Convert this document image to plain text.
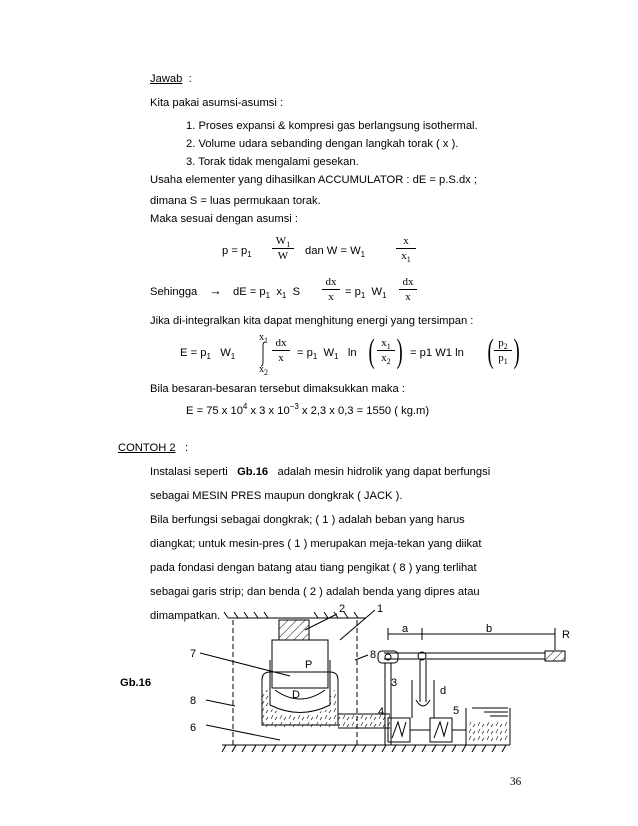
Jawab :
Kita pakai asumsi-asumsi :
1. Proses expansi & kompresi gas berlangsung isothermal.
2. Volume udara sebanding dengan langkah torak ( x ).
3. Torak tidak mengalami gesekan.
Usaha elementer yang dihasilkan ACCUMULATOR : dE = p.S.dx ;
dimana S = luas permukaan torak.
Maka sesuai dengan asumsi :
$p = p_1 \frac{W_1}{W}$ dan $W = W_1$	$\frac{x}{x_1}$
Sehingga → dE = $p_1$ $x_1$ S $\frac{dx}{x} = p_1$ $W_1 \frac{dx}{x}$
Jika di-integralkan kita dapat menghitung energi yang tersimpan :
$E = p_1$ $W_1$
$x_1$
$x_2$
$\frac{dx}{x} = p_1$ $W_1$ ln ( $\frac{x_1}{x_2}$ ) = p1 W1 ln ( $\frac{p_2}{p_1}$ )
Bila besaran-besaran tersebut dimaksukkan maka :
E = 75 x $10^4$ x 3 x $10^{-3}$ x 2,3 x 0,3 = 1550 ( kg.m)
CONTOH 2 :
Instalasi seperti Gb.16 adalah mesin hidrolik yang dapat berfungsi
sebagai MESIN PRES maupun dongkrak ( JACK ).
Bila berfungsi sebagai dongkrak; ( 1 ) adalah beban yang harus
diangkat; untuk mesin-pres ( 1 ) merupakan meja-tekan yang diikat
pada fondasi dengan batang atau tiang pengikat ( 8 ) yang terlihat
sebagai garis strip; dan benda ( 2 ) adalah benda yang dipres atau
dimampatkan.
Gb.16
1
2
3
4	5
6
7
8
8
P
D	d
a	b	R
36
